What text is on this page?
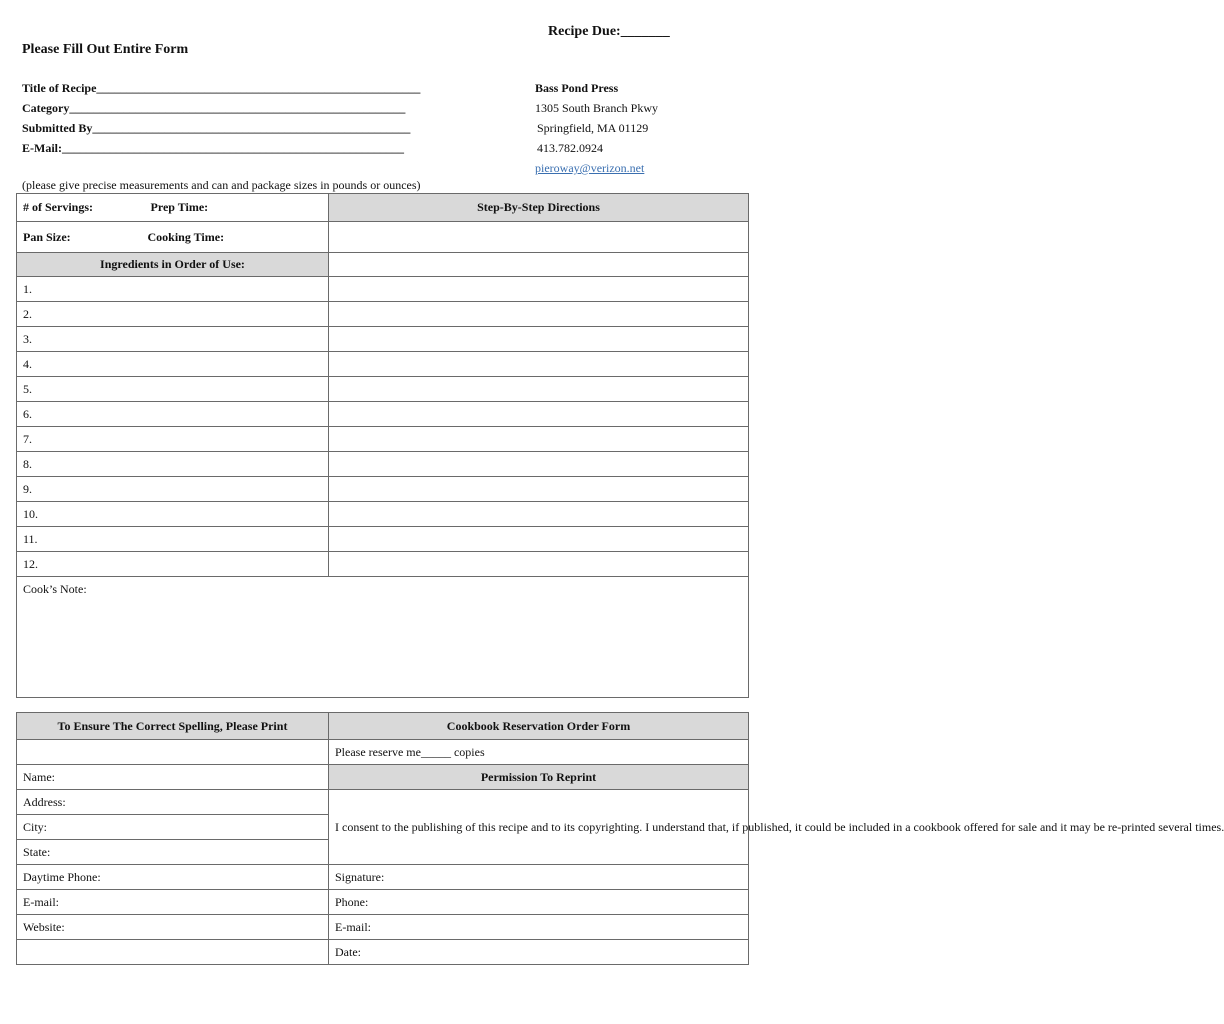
Recipe Due:_______
Please Fill Out Entire Form
Title of Recipe______________________________________________________
Category________________________________________________________
Submitted By_____________________________________________________
E-Mail:_________________________________________________________
Bass Pond Press
1305 South Branch Pkwy
Springfield, MA 01129
413.782.0924
pieroway@verizon.net
(please give precise measurements and can and package sizes in pounds or ounces)
# of Servings: Prep Time:	Step-By-Step Directions
Pan Size: Cooking Time:	

Ingredients in Order of Use:	
1.	
2.	
3.	
4.	
5.	
6.	
7.	
8.	
9.	
10.	
11.	
12.	
Cook’s Note:	
To Ensure The Correct Spelling, Please Print	Cookbook Reservation Order Form
	Please reserve me_____ copies
Name:	Permission To Reprint
Address:	I consent to the publishing of this recipe and to its copyrighting. I understand that, if published, it could be included in a cookbook offered for sale and it may be re-printed several times.
City:	
State:	
Daytime Phone:	Signature:
E-mail:	Phone:
Website:	E-mail:
	Date:
